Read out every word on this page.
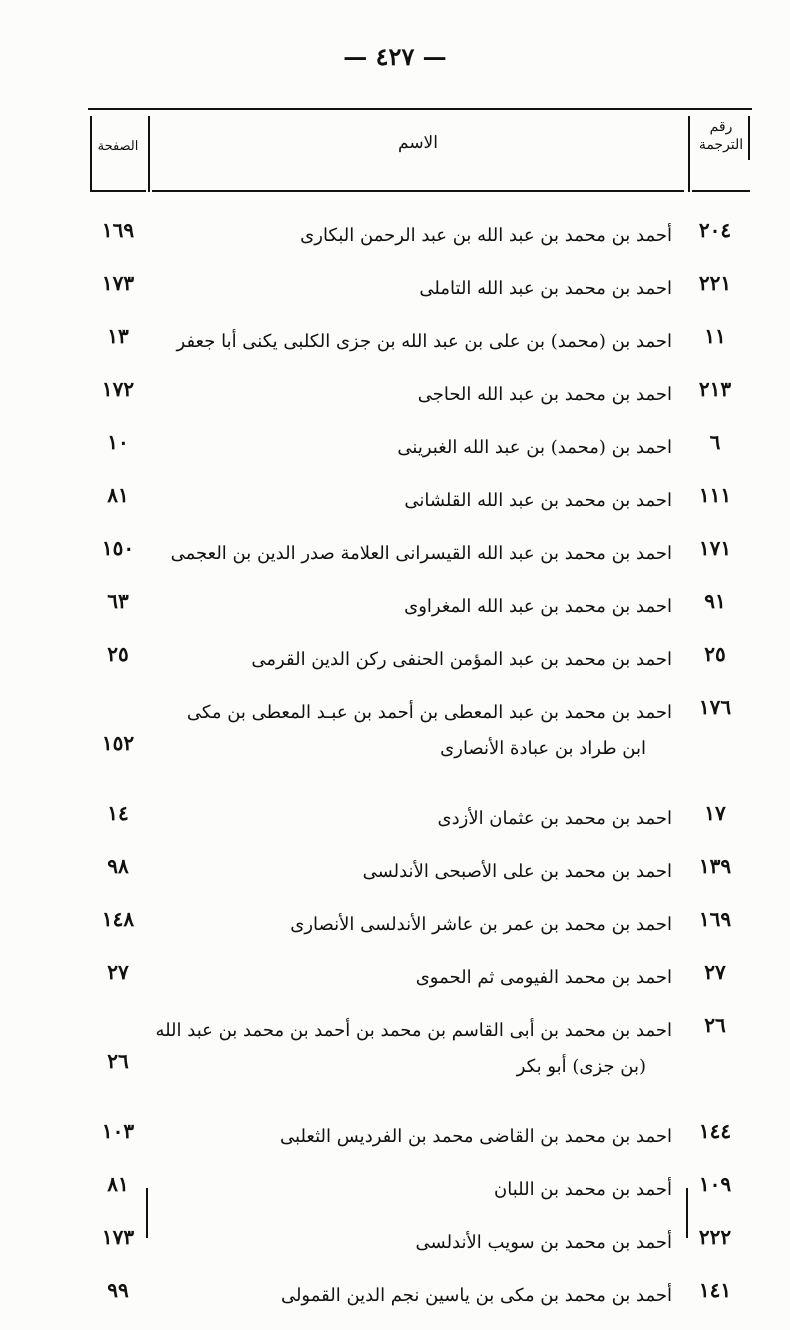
— ٤٢٧ —
رقم الترجمة
الاسم
الصفحة
٢٠٤
أحمد بن محمد بن عبد الله بن عبد الرحمن البكارى
١٦٩
٢٢١
احمد بن محمد بن عبد الله التاملى
١٧٣
١١
احمد بن (محمد) بن على بن عبد الله بن جزى الكلبى يكنى أبا جعفر
١٣
٢١٣
احمد بن محمد بن عبد الله الحاجى
١٧٢
٦
احمد بن (محمد) بن عبد الله الغبرينى
١٠
١١١
احمد بن محمد بن عبد الله القلشانى
٨١
١٧١
احمد بن محمد بن عبد الله القيسرانى العلامة صدر الدين بن العجمى
١٥٠
٩١
احمد بن محمد بن عبد الله المغراوى
٦٣
٢٥
احمد بن محمد بن عبد المؤمن الحنفى ركن الدين القرمى
٢٥
١٧٦
احمد بن محمد بن عبد المعطى بن أحمد بن عبـد المعطى بن مكى
ابن طراد بن عبادة الأنصارى
١٥٢
١٧
احمد بن محمد بن عثمان الأزدى
١٤
١٣٩
احمد بن محمد بن على الأصبحى الأندلسى
٩٨
١٦٩
احمد بن محمد بن عمر بن عاشر الأندلسى الأنصارى
١٤٨
٢٧
احمد بن محمد الفيومى ثم الحموى
٢٧
٢٦
احمد بن محمد بن أبى القاسم بن محمد بن أحمد بن محمد بن عبد الله
(بن جزى) أبو بكر
٢٦
١٤٤
احمد بن محمد بن القاضى محمد بن الفرديس الثعلبى
١٠٣
١٠٩
أحمد بن محمد بن اللبان
٨١
٢٢٢
أحمد بن محمد بن سويب الأندلسى
١٧٣
١٤١
أحمد بن محمد بن مكى بن ياسين نجم الدين القمولى
٩٩
